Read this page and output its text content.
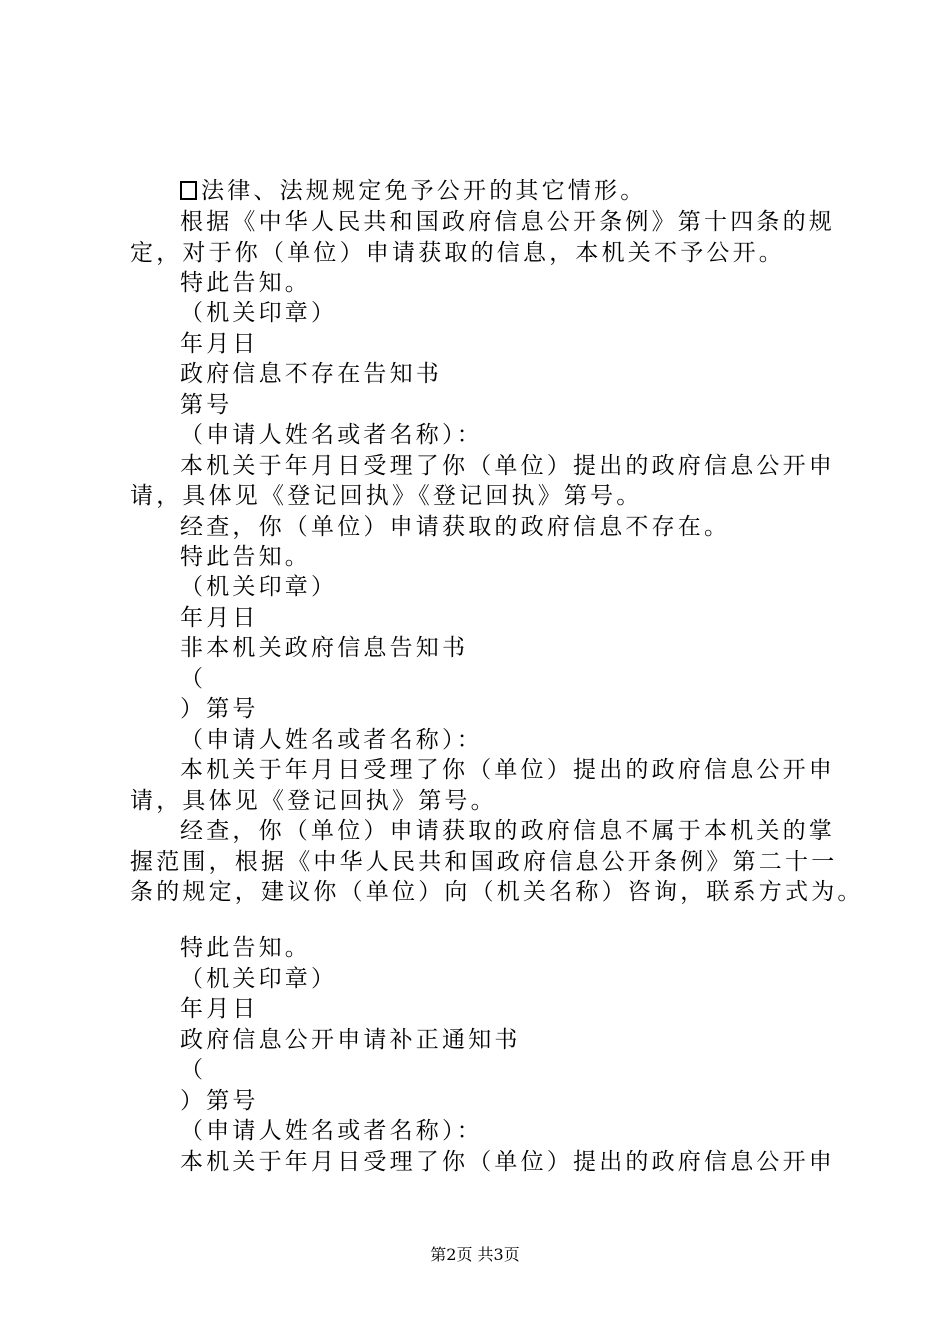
法律、法规规定免予公开的其它情形。

根据《中华人民共和国政府信息公开条例》第十四条的规

定，对于你（单位）申请获取的信息，本机关不予公开。

特此告知。

（机关印章）

年月日

政府信息不存在告知书

第号

（申请人姓名或者名称）：

本机关于年月日受理了你（单位）提出的政府信息公开申

请，具体见《登记回执》《登记回执》第号。

经查，你（单位）申请获取的政府信息不存在。

特此告知。

（机关印章）

年月日

非本机关政府信息告知书

（

）第号

（申请人姓名或者名称）：

本机关于年月日受理了你（单位）提出的政府信息公开申

请，具体见《登记回执》第号。

经查，你（单位）申请获取的政府信息不属于本机关的掌

握范围，根据《中华人民共和国政府信息公开条例》第二十一

条的规定，建议你（单位）向（机关名称）咨询，联系方式为。

特此告知。

（机关印章）

年月日

政府信息公开申请补正通知书

（

）第号

（申请人姓名或者名称）：

本机关于年月日受理了你（单位）提出的政府信息公开申

第2页 共3页
